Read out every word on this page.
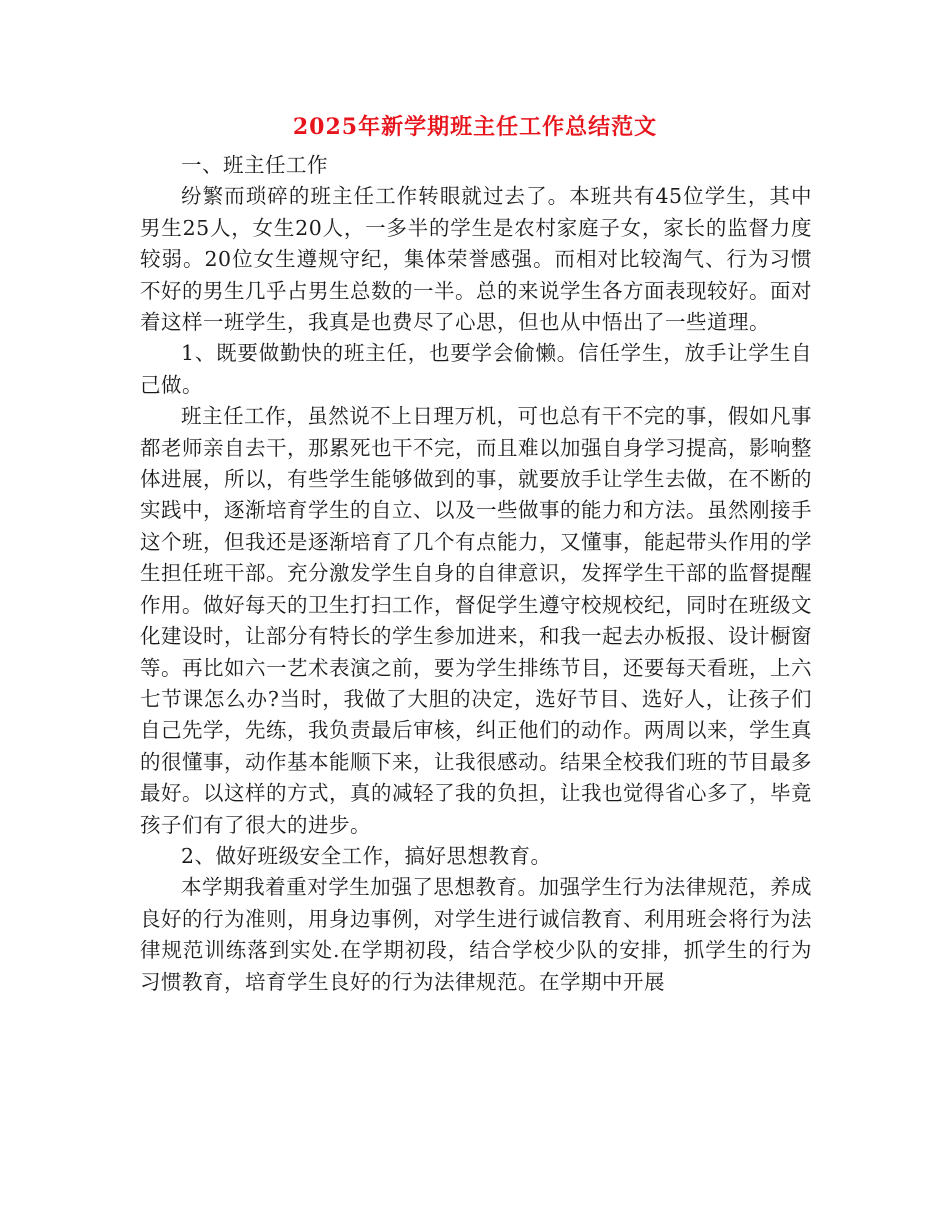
2025年新学期班主任工作总结范文

一、班主任工作

纷繁而琐碎的班主任工作转眼就过去了。本班共有45位学生，其中男生25人，女生20人，一多半的学生是农村家庭子女，家长的监督力度较弱。20位女生遵规守纪，集体荣誉感强。而相对比较淘气、行为习惯不好的男生几乎占男生总数的一半。总的来说学生各方面表现较好。面对着这样一班学生，我真是也费尽了心思，但也从中悟出了一些道理。

1、既要做勤快的班主任，也要学会偷懒。信任学生，放手让学生自己做。

班主任工作，虽然说不上日理万机，可也总有干不完的事，假如凡事都老师亲自去干，那累死也干不完，而且难以加强自身学习提高，影响整体进展，所以，有些学生能够做到的事，就要放手让学生去做，在不断的实践中，逐渐培育学生的自立、以及一些做事的能力和方法。虽然刚接手这个班，但我还是逐渐培育了几个有点能力，又懂事，能起带头作用的学生担任班干部。充分激发学生自身的自律意识，发挥学生干部的监督提醒作用。做好每天的卫生打扫工作，督促学生遵守校规校纪，同时在班级文化建设时，让部分有特长的学生参加进来，和我一起去办板报、设计橱窗等。再比如六一艺术表演之前，要为学生排练节目，还要每天看班，上六七节课怎么办?当时，我做了大胆的决定，选好节目、选好人，让孩子们自己先学，先练，我负责最后审核，纠正他们的动作。两周以来，学生真的很懂事，动作基本能顺下来，让我很感动。结果全校我们班的节目最多最好。以这样的方式，真的减轻了我的负担，让我也觉得省心多了，毕竟孩子们有了很大的进步。

2、做好班级安全工作，搞好思想教育。

本学期我着重对学生加强了思想教育。加强学生行为法律规范，养成良好的行为准则，用身边事例，对学生进行诚信教育、利用班会将行为法律规范训练落到实处.在学期初段，结合学校少队的安排，抓学生的行为习惯教育，培育学生良好的行为法律规范。在学期中开展
